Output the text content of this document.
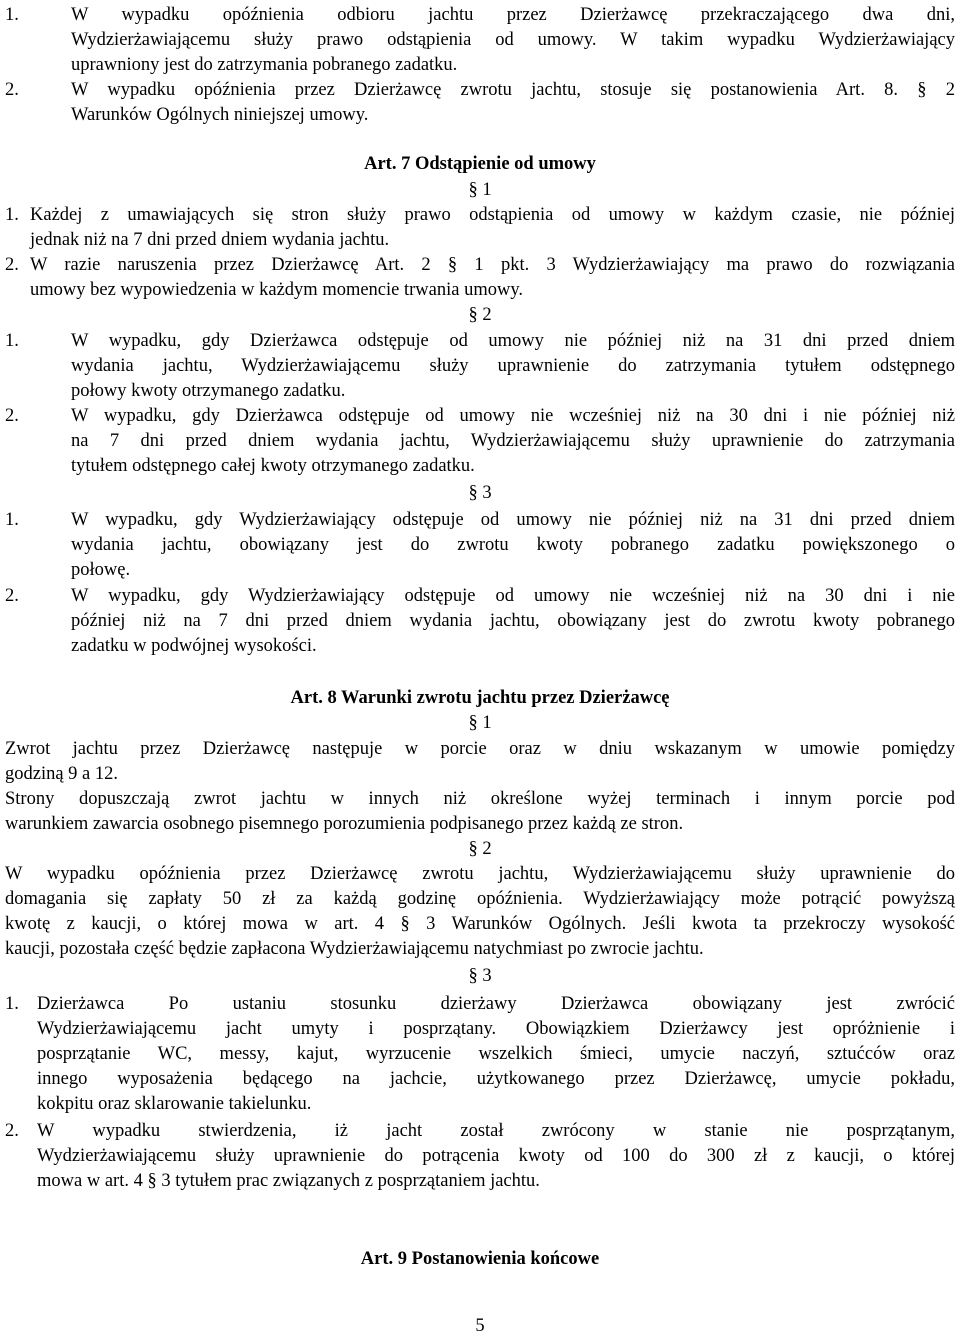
1.	W wypadku opóźnienia odbioru jachtu przez Dzierżawcę przekraczającego dwa dni,
Wydzierżawiającemu służy prawo odstąpienia od umowy. W takim wypadku Wydzierżawiający
uprawniony jest do zatrzymania pobranego zadatku.
2.	W wypadku opóźnienia przez Dzierżawcę zwrotu jachtu, stosuje się postanowienia Art. 8. § 2
Warunków Ogólnych niniejszej umowy.
Art. 7 Odstąpienie od umowy
§ 1
1. Każdej z umawiających się stron służy prawo odstąpienia od umowy w każdym czasie, nie później
jednak niż na 7 dni przed dniem wydania jachtu.
2. W razie naruszenia przez Dzierżawcę Art. 2 § 1 pkt. 3 Wydzierżawiający ma prawo do rozwiązania
umowy bez wypowiedzenia w każdym momencie trwania umowy.
§ 2
1.	W wypadku, gdy Dzierżawca odstępuje od umowy nie później niż na 31 dni przed dniem
wydania jachtu, Wydzierżawiającemu służy uprawnienie do zatrzymania tytułem odstępnego
połowy kwoty otrzymanego zadatku.
2.	W wypadku, gdy Dzierżawca odstępuje od umowy nie wcześniej niż na 30 dni i nie później niż
na 7 dni przed dniem wydania jachtu, Wydzierżawiającemu służy uprawnienie do zatrzymania
tytułem odstępnego całej kwoty otrzymanego zadatku.
§ 3
1.	W wypadku, gdy Wydzierżawiający odstępuje od umowy nie później niż na 31 dni przed dniem
wydania jachtu, obowiązany jest do zwrotu kwoty pobranego zadatku powiększonego o
połowę.
2.	W wypadku, gdy Wydzierżawiający odstępuje od umowy nie wcześniej niż na 30 dni i nie
później niż na 7 dni przed dniem wydania jachtu, obowiązany jest do zwrotu kwoty pobranego
zadatku w podwójnej wysokości.
Art. 8 Warunki zwrotu jachtu przez Dzierżawcę
§ 1
Zwrot jachtu przez Dzierżawcę następuje w porcie oraz w dniu wskazanym w umowie pomiędzy
godziną 9 a 12.
Strony dopuszczają zwrot jachtu w innych niż określone wyżej terminach i innym porcie pod
warunkiem zawarcia osobnego pisemnego porozumienia podpisanego przez każdą ze stron.
§ 2
W wypadku opóźnienia przez Dzierżawcę zwrotu jachtu, Wydzierżawiającemu służy uprawnienie do
domagania się zapłaty 50 zł za każdą godzinę opóźnienia. Wydzierżawiający może potrącić powyższą
kwotę z kaucji, o której mowa w art. 4 § 3 Warunków Ogólnych. Jeśli kwota ta przekroczy wysokość
kaucji, pozostała część będzie zapłacona Wydzierżawiającemu natychmiast po zwrocie jachtu.
§ 3
1. Dzierżawca Po ustaniu stosunku dzierżawy Dzierżawca obowiązany jest zwrócić
Wydzierżawiającemu jacht umyty i posprzątany. Obowiązkiem Dzierżawcy jest opróżnienie i
posprzątanie WC, messy, kajut, wyrzucenie wszelkich śmieci, umycie naczyń, sztućców oraz
innego wyposażenia będącego na jachcie, użytkowanego przez Dzierżawcę, umycie pokładu,
kokpitu oraz sklarowanie takielunku.
2. W wypadku stwierdzenia, iż jacht został zwrócony w stanie nie posprzątanym,
Wydzierżawiającemu służy uprawnienie do potrącenia kwoty od 100 do 300 zł z kaucji, o której
mowa w art. 4 § 3 tytułem prac związanych z posprzątaniem jachtu.
Art. 9 Postanowienia końcowe
5
